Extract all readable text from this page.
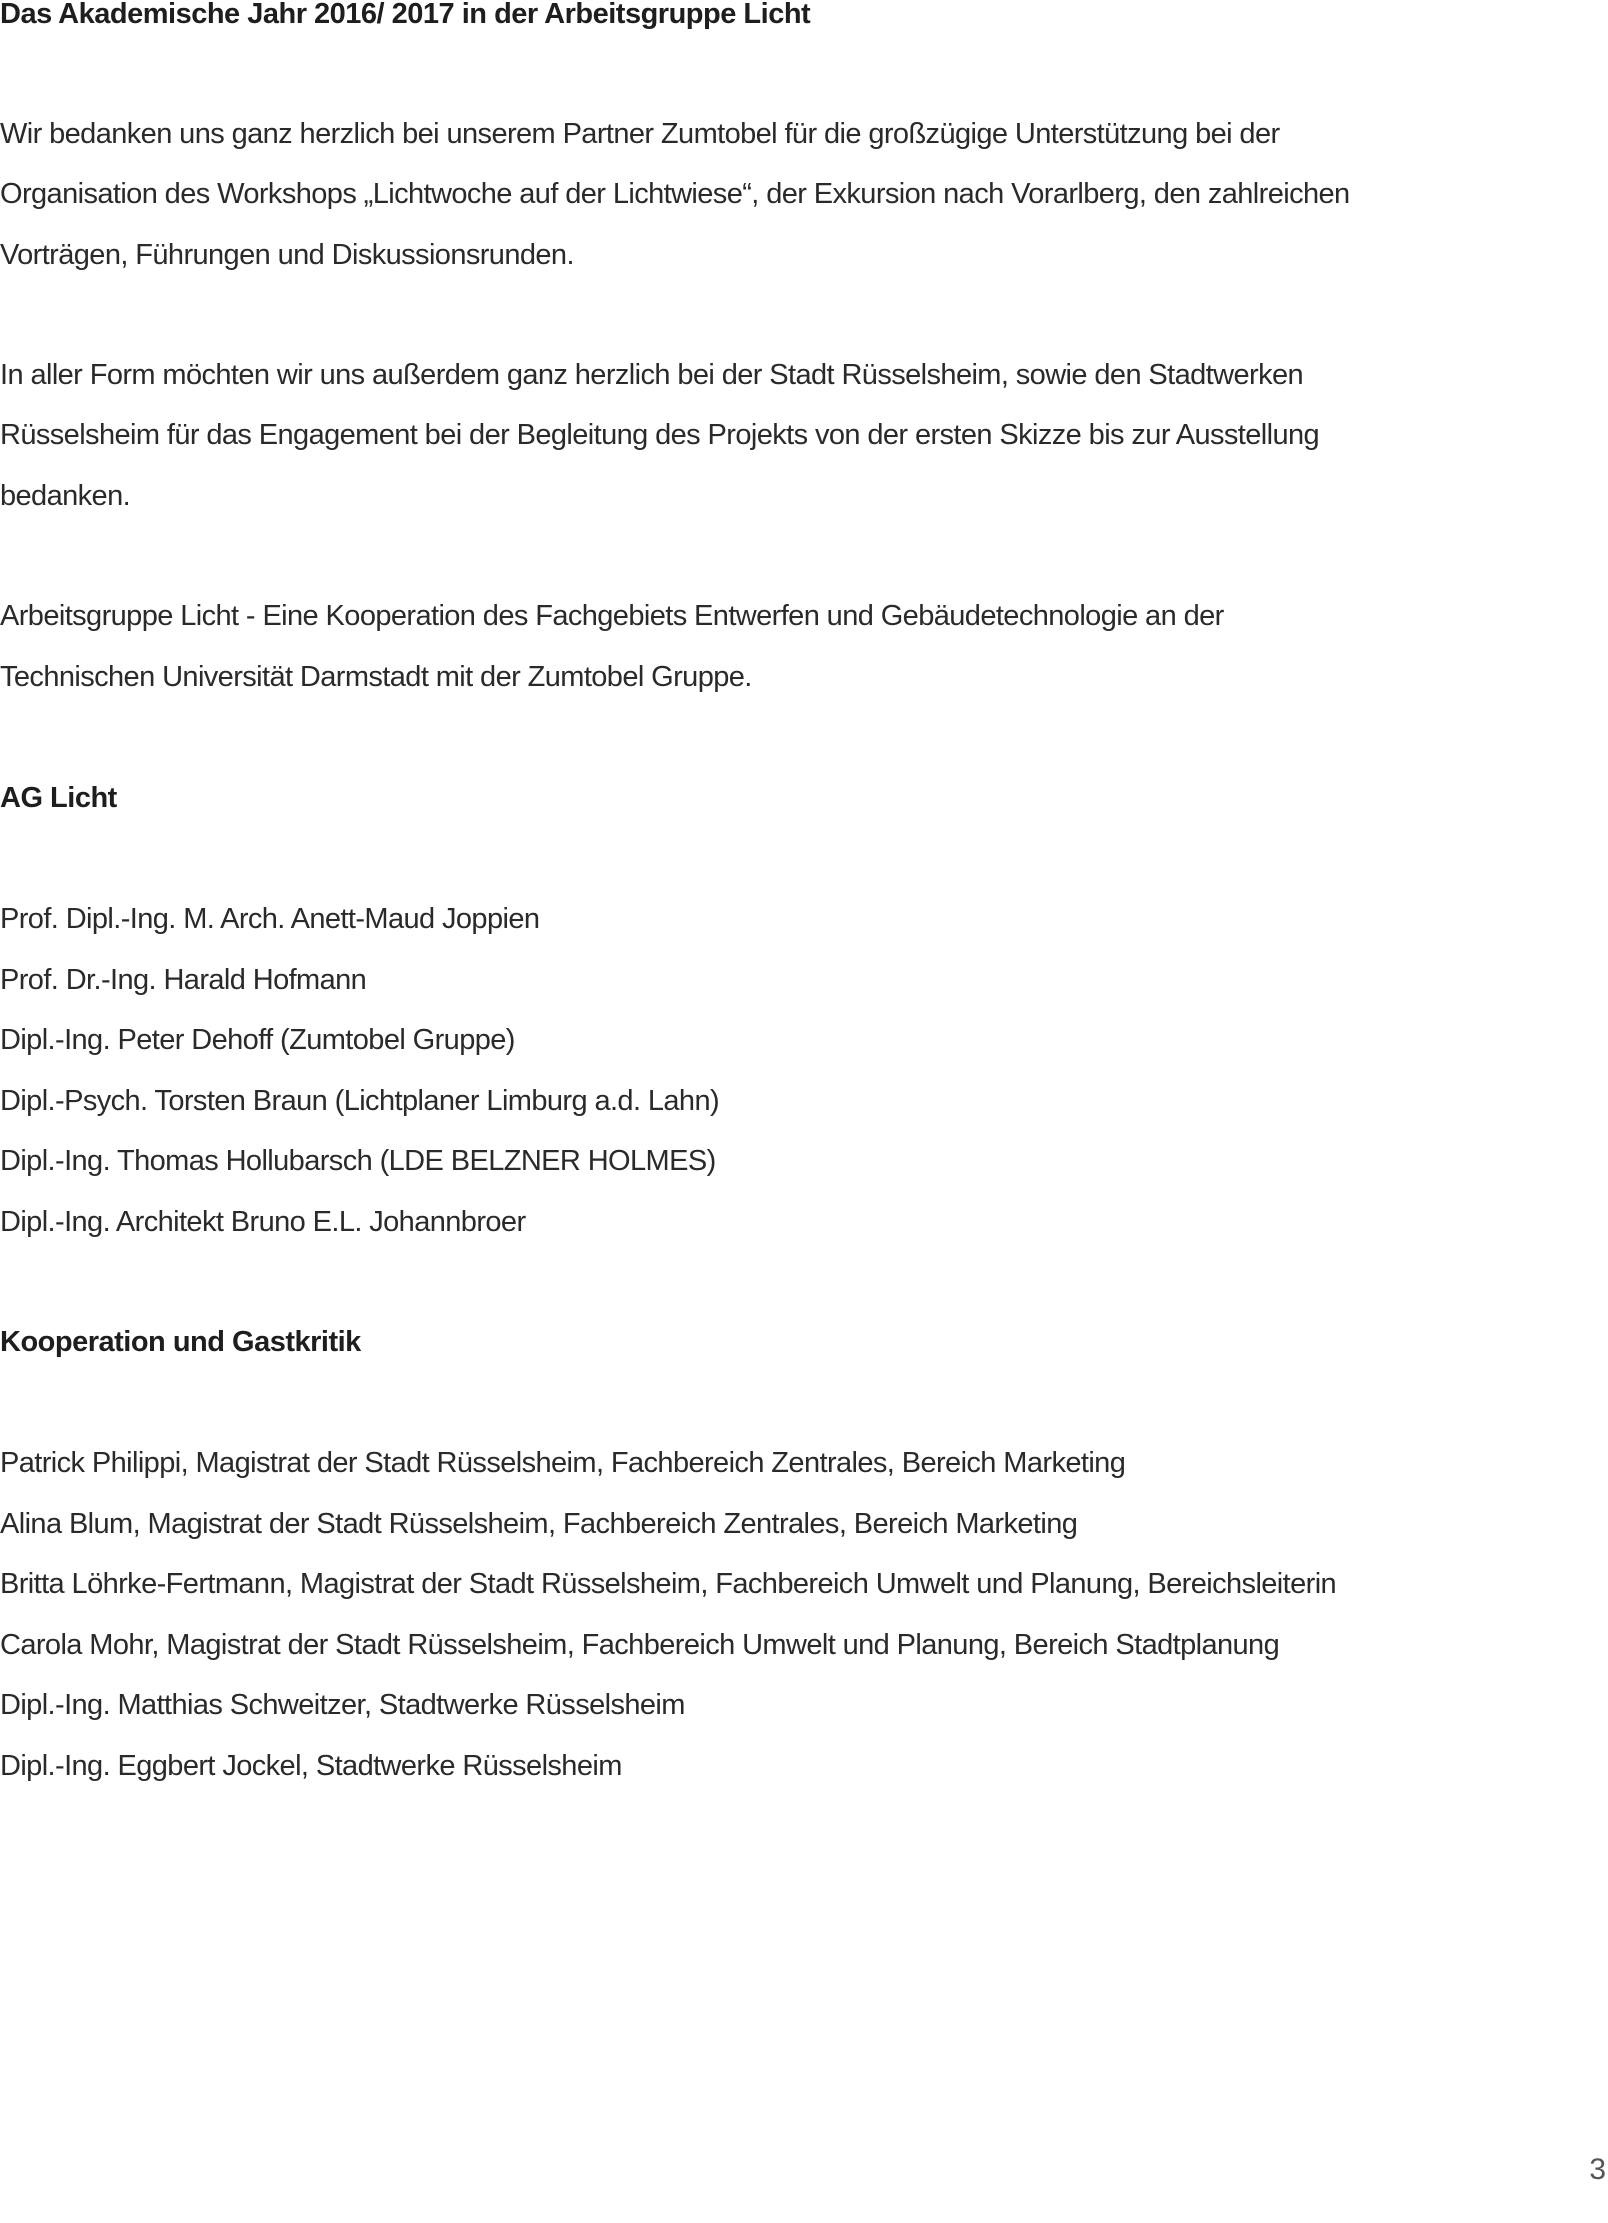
Das Akademische Jahr 2016/ 2017 in der Arbeitsgruppe Licht

Wir bedanken uns ganz herzlich bei unserem Partner Zumtobel für die großzügige Unterstützung bei der

Organisation des Workshops „Lichtwoche auf der Lichtwiese“, der Exkursion nach Vorarlberg, den zahlreichen

Vorträgen, Führungen und Diskussionsrunden.

In aller Form möchten wir uns außerdem ganz herzlich bei der Stadt Rüsselsheim, sowie den Stadtwerken

Rüsselsheim für das Engagement bei der Begleitung des Projekts von der ersten Skizze bis zur Ausstellung

bedanken.

Arbeitsgruppe Licht - Eine Kooperation des Fachgebiets Entwerfen und Gebäudetechnologie an der

Technischen Universität Darmstadt mit der Zumtobel Gruppe.

AG Licht

Prof. Dipl.-Ing. M. Arch. Anett-Maud Joppien

Prof. Dr.-Ing. Harald Hofmann

Dipl.-Ing. Peter Dehoff (Zumtobel Gruppe)

Dipl.-Psych. Torsten Braun (Lichtplaner Limburg a.d. Lahn)

Dipl.-Ing. Thomas Hollubarsch (LDE BELZNER HOLMES)

Dipl.-Ing. Architekt Bruno E.L. Johannbroer

Kooperation und Gastkritik

Patrick Philippi, Magistrat der Stadt Rüsselsheim, Fachbereich Zentrales, Bereich Marketing

Alina Blum, Magistrat der Stadt Rüsselsheim, Fachbereich Zentrales, Bereich Marketing

Britta Löhrke-Fertmann, Magistrat der Stadt Rüsselsheim, Fachbereich Umwelt und Planung, Bereichsleiterin

Carola Mohr, Magistrat der Stadt Rüsselsheim, Fachbereich Umwelt und Planung, Bereich Stadtplanung

Dipl.-Ing. Matthias Schweitzer, Stadtwerke Rüsselsheim

Dipl.-Ing. Eggbert Jockel, Stadtwerke Rüsselsheim

3
